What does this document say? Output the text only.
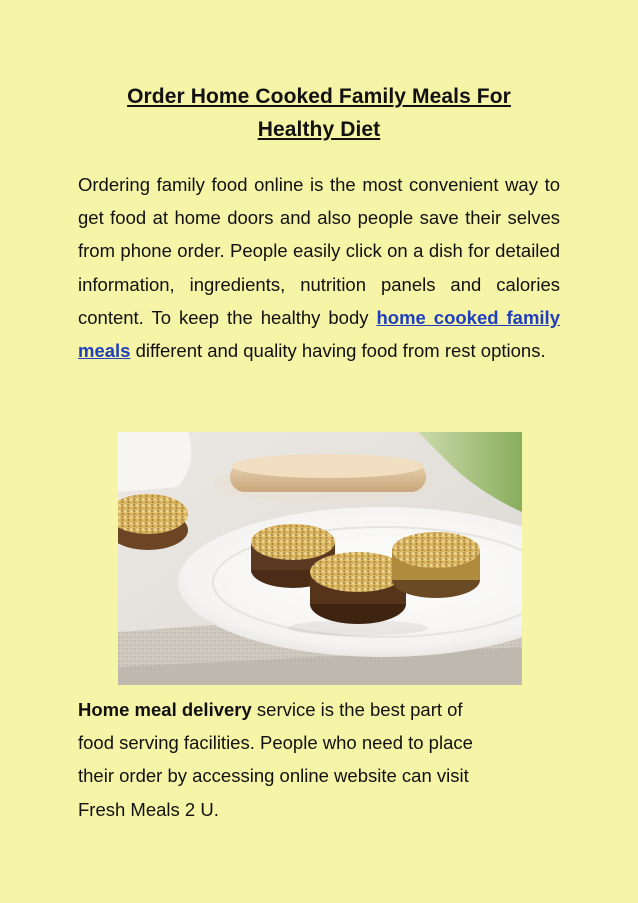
Order Home Cooked Family Meals For
Healthy Diet

Ordering family food online is the most convenient way to get food at home doors and also people save their selves from phone order. People easily click on a dish for detailed information, ingredients, nutrition panels and calories content. To keep the healthy body home cooked family meals different and quality having food from rest options.

Home meal delivery service is the best part of
food serving facilities. People who need to place
their order by accessing online website can visit
Fresh Meals 2 U.
